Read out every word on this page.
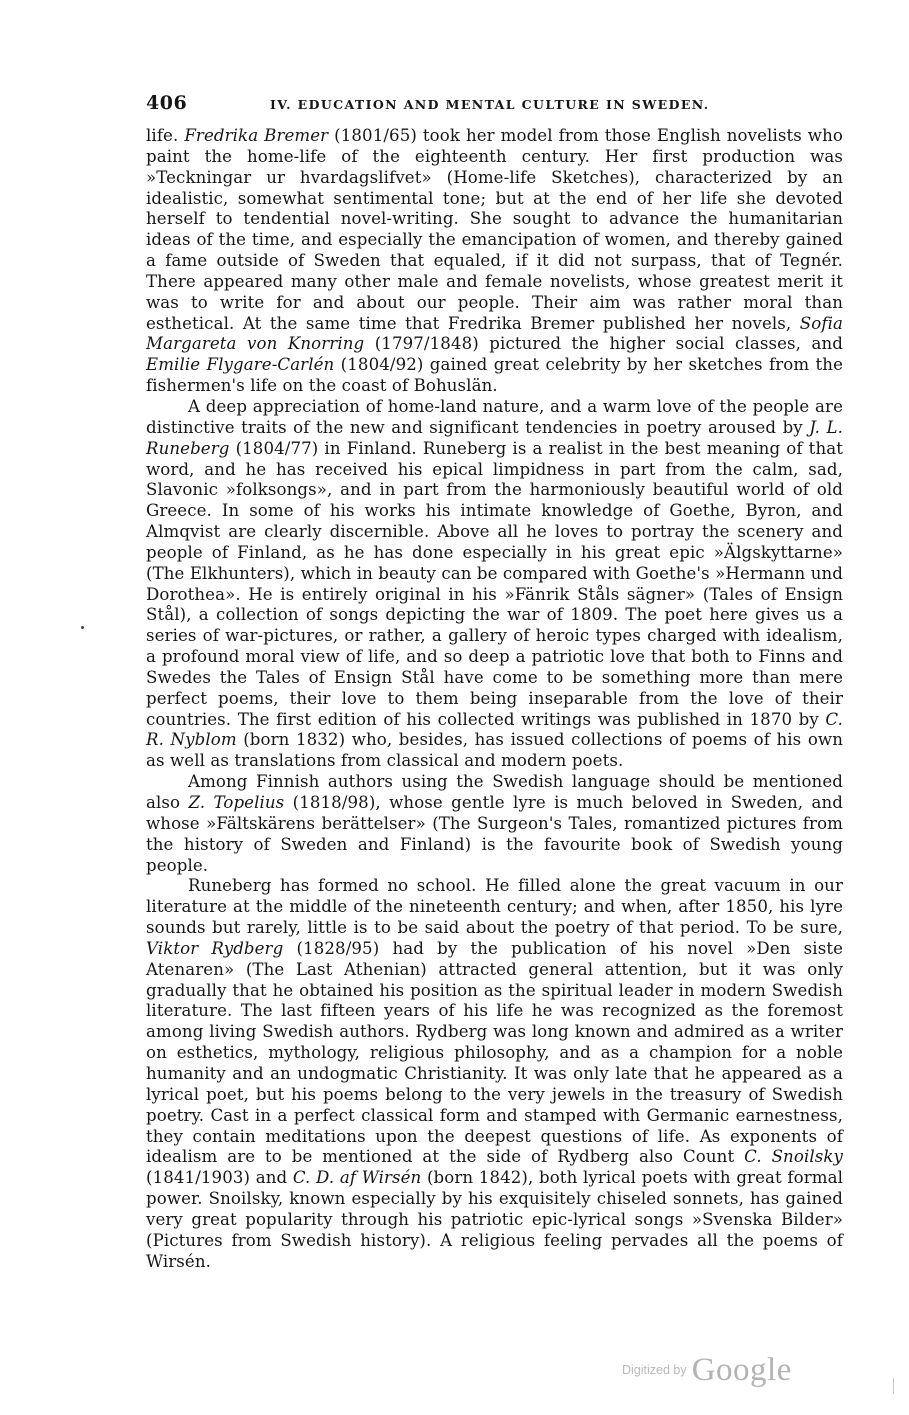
406	IV. EDUCATION AND MENTAL CULTURE IN SWEDEN.

life. Fredrika Bremer (1801/65) took her model from those English novelists who paint the home-life of the eighteenth century. Her first production was »Teckningar ur hvardagslifvet» (Home-life Sketches), characterized by an idealistic, somewhat sentimental tone; but at the end of her life she devoted herself to tendential novel-writing. She sought to advance the humanitarian ideas of the time, and especially the emancipation of women, and thereby gained a fame outside of Sweden that equaled, if it did not surpass, that of Tegnér. There appeared many other male and female novelists, whose greatest merit it was to write for and about our people. Their aim was rather moral than esthetical. At the same time that Fredrika Bremer published her novels, Sofia Margareta von Knorring (1797/1848) pictured the higher social classes, and Emilie Flygare-Carlén (1804/92) gained great celebrity by her sketches from the fishermen's life on the coast of Bohuslän.

A deep appreciation of home-land nature, and a warm love of the people are distinctive traits of the new and significant tendencies in poetry aroused by J. L. Runeberg (1804/77) in Finland. Runeberg is a realist in the best meaning of that word, and he has received his epical limpidness in part from the calm, sad, Slavonic »folksongs», and in part from the harmoniously beautiful world of old Greece. In some of his works his intimate knowledge of Goethe, Byron, and Almqvist are clearly discernible. Above all he loves to portray the scenery and people of Finland, as he has done especially in his great epic »Älgskyttarne» (The Elkhunters), which in beauty can be compared with Goethe's »Hermann und Dorothea». He is entirely original in his »Fänrik Ståls sägner» (Tales of Ensign Stål), a collection of songs depicting the war of 1809. The poet here gives us a series of war-pictures, or rather, a gallery of heroic types charged with idealism, a profound moral view of life, and so deep a patriotic love that both to Finns and Swedes the Tales of Ensign Stål have come to be something more than mere perfect poems, their love to them being inseparable from the love of their countries. The first edition of his collected writings was published in 1870 by C. R. Nyblom (born 1832) who, besides, has issued collections of poems of his own as well as translations from classical and modern poets.

Among Finnish authors using the Swedish language should be mentioned also Z. Topelius (1818/98), whose gentle lyre is much beloved in Sweden, and whose »Fältskärens berättelser» (The Surgeon's Tales, romantized pictures from the history of Sweden and Finland) is the favourite book of Swedish young people.

Runeberg has formed no school. He filled alone the great vacuum in our literature at the middle of the nineteenth century; and when, after 1850, his lyre sounds but rarely, little is to be said about the poetry of that period. To be sure, Viktor Rydberg (1828/95) had by the publication of his novel »Den siste Atenaren» (The Last Athenian) attracted general attention, but it was only gradually that he obtained his position as the spiritual leader in modern Swedish literature. The last fifteen years of his life he was recognized as the foremost among living Swedish authors. Rydberg was long known and admired as a writer on esthetics, mythology, religious philosophy, and as a champion for a noble humanity and an undogmatic Christianity. It was only late that he appeared as a lyrical poet, but his poems belong to the very jewels in the treasury of Swedish poetry. Cast in a perfect classical form and stamped with Germanic earnestness, they contain meditations upon the deepest questions of life. As exponents of idealism are to be mentioned at the side of Rydberg also Count C. Snoilsky (1841/1903) and C. D. af Wirsén (born 1842), both lyrical poets with great formal power. Snoilsky, known especially by his exquisitely chiseled sonnets, has gained very great popularity through his patriotic epic-lyrical songs »Svenska Bilder» (Pictures from Swedish history). A religious feeling pervades all the poems of Wirsén.

$^{Digitized by}$ Google
